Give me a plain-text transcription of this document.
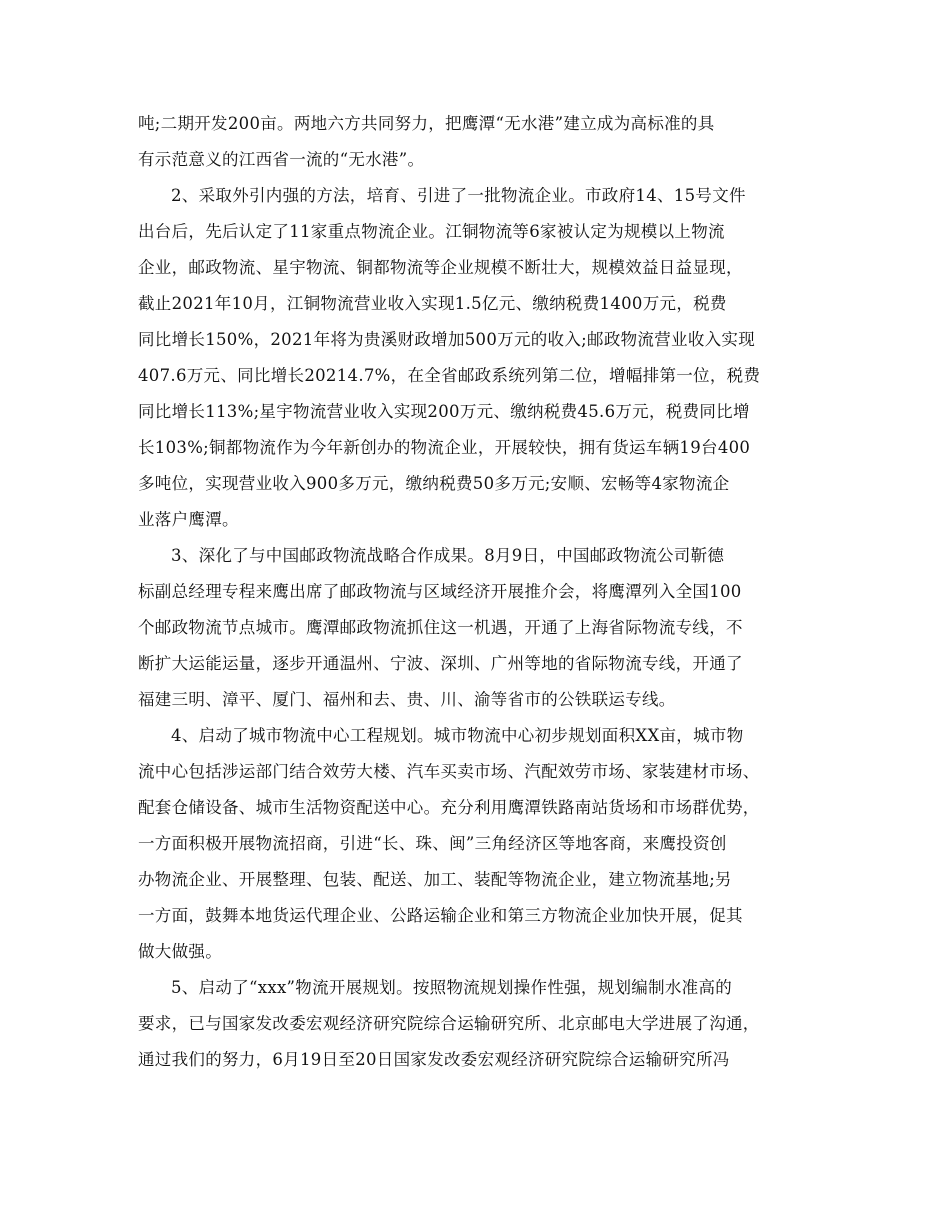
吨;二期开发200亩。两地六方共同努力，把鹰潭“无水港”建立成为高标准的具
有示范意义的江西省一流的“无水港”。
2、采取外引内强的方法，培育、引进了一批物流企业。市政府14、15号文件
出台后，先后认定了11家重点物流企业。江铜物流等6家被认定为规模以上物流
企业，邮政物流、星宇物流、铜都物流等企业规模不断壮大，规模效益日益显现，
截止2021年10月，江铜物流营业收入实现1.5亿元、缴纳税费1400万元，税费
同比增长150%，2021年将为贵溪财政增加500万元的收入;邮政物流营业收入实现
407.6万元、同比增长20214.7%，在全省邮政系统列第二位，增幅排第一位，税费
同比增长113%;星宇物流营业收入实现200万元、缴纳税费45.6万元，税费同比增
长103%;铜都物流作为今年新创办的物流企业，开展较快，拥有货运车辆19台400
多吨位，实现营业收入900多万元，缴纳税费50多万元;安顺、宏畅等4家物流企
业落户鹰潭。
3、深化了与中国邮政物流战略合作成果。8月9日，中国邮政物流公司靳德
标副总经理专程来鹰出席了邮政物流与区域经济开展推介会，将鹰潭列入全国100
个邮政物流节点城市。鹰潭邮政物流抓住这一机遇，开通了上海省际物流专线，不
断扩大运能运量，逐步开通温州、宁波、深圳、广州等地的省际物流专线，开通了
福建三明、漳平、厦门、福州和去、贵、川、渝等省市的公铁联运专线。
4、启动了城市物流中心工程规划。城市物流中心初步规划面积XX亩，城市物
流中心包括涉运部门结合效劳大楼、汽车买卖市场、汽配效劳市场、家装建材市场、
配套仓储设备、城市生活物资配送中心。充分利用鹰潭铁路南站货场和市场群优势，
一方面积极开展物流招商，引进“长、珠、闽”三角经济区等地客商，来鹰投资创
办物流企业、开展整理、包装、配送、加工、装配等物流企业，建立物流基地;另
一方面，鼓舞本地货运代理企业、公路运输企业和第三方物流企业加快开展，促其
做大做强。
5、启动了“xxx”物流开展规划。按照物流规划操作性强，规划编制水准高的
要求，已与国家发改委宏观经济研究院综合运输研究所、北京邮电大学进展了沟通，
通过我们的努力，6月19日至20日国家发改委宏观经济研究院综合运输研究所冯
